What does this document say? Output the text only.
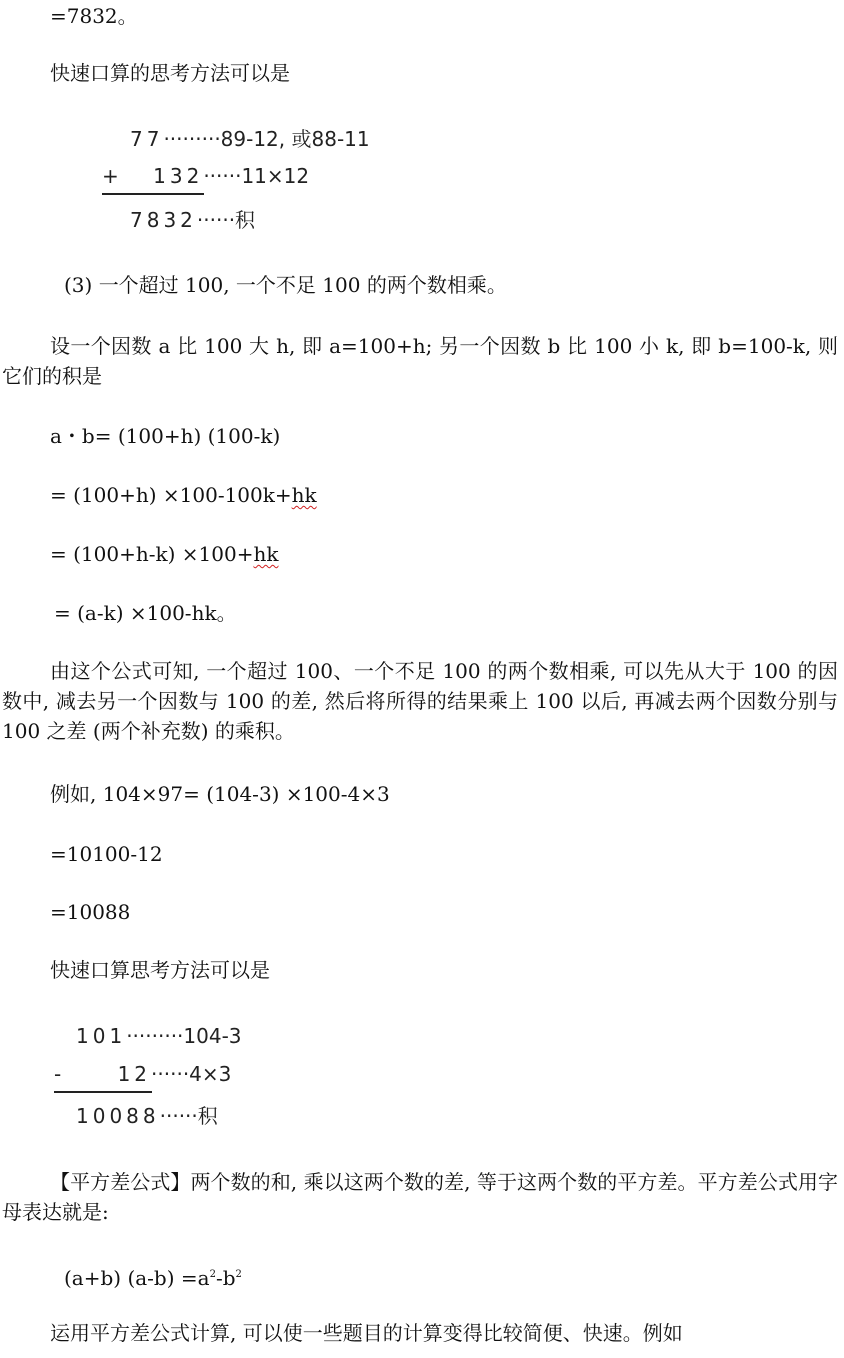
=7832。
快速口算的思考方法可以是
77·········89-12, 或88-11
+ 132······11×12
7832······积
(3) 一个超过 100, 一个不足 100 的两个数相乘。
设一个因数 a 比 100 大 h, 即 a=100+h; 另一个因数 b 比 100 小 k, 即 b=100-k, 则它们的积是
a・b= (100+h) (100-k)
= (100+h) ×100-100k+hk
= (100+h-k) ×100+hk
= (a-k) ×100-hk。
由这个公式可知, 一个超过 100、一个不足 100 的两个数相乘, 可以先从大于 100 的因数中, 减去另一个因数与 100 的差, 然后将所得的结果乘上 100 以后, 再减去两个因数分别与 100 之差 (两个补充数) 的乘积。
例如, 104×97= (104-3) ×100-4×3
=10100-12
=10088
快速口算思考方法可以是
101·········104-3
-	12······4×3
10088······积
【平方差公式】两个数的和, 乘以这两个数的差, 等于这两个数的平方差。平方差公式用字母表达就是:
(a+b) $(a-b) =a^2-b^2$
运用平方差公式计算, 可以使一些题目的计算变得比较简便、快速。例如
